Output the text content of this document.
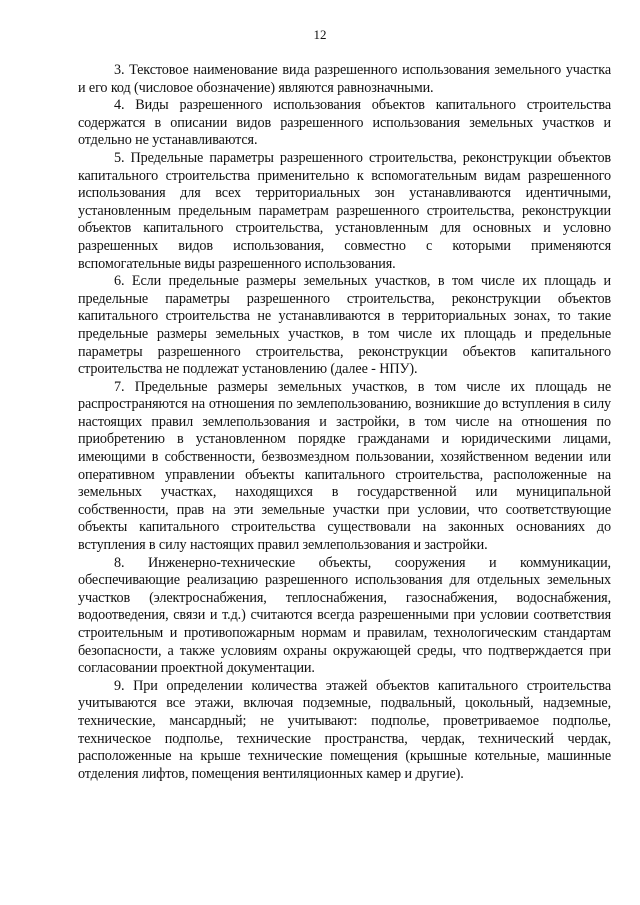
12

3. Текстовое наименование вида разрешенного использования земельного участка и его код (числовое обозначение) являются равнозначными.

4. Виды разрешенного использования объектов капитального строительства содержатся в описании видов разрешенного использования земельных участков и отдельно не устанавливаются.

5. Предельные параметры разрешенного строительства, реконструкции объектов капитального строительства применительно к вспомогательным видам разрешенного использования для всех территориальных зон устанавливаются идентичными, установленным предельным параметрам разрешенного строительства, реконструкции объектов капитального строительства, установленным для основных и условно разрешенных видов использования, совместно с которыми применяются вспомогательные виды разрешенного использования.

6. Если предельные размеры земельных участков, в том числе их площадь и предельные параметры разрешенного строительства, реконструкции объектов капитального строительства не устанавливаются в территориальных зонах, то такие предельные размеры земельных участков, в том числе их площадь и предельные параметры разрешенного строительства, реконструкции объектов капитального строительства не подлежат установлению (далее - НПУ).

7. Предельные размеры земельных участков, в том числе их площадь не распространяются на отношения по землепользованию, возникшие до вступления в силу настоящих правил землепользования и застройки, в том числе на отношения по приобретению в установленном порядке гражданами и юридическими лицами, имеющими в собственности, безвозмездном пользовании, хозяйственном ведении или оперативном управлении объекты капитального строительства, расположенные на земельных участках, находящихся в государственной или муниципальной собственности, прав на эти земельные участки при условии, что соответствующие объекты капитального строительства существовали на законных основаниях до вступления в силу настоящих правил землепользования и застройки.

8. Инженерно-технические объекты, сооружения и коммуникации, обеспечивающие реализацию разрешенного использования для отдельных земельных участков (электроснабжения, теплоснабжения, газоснабжения, водоснабжения, водоотведения, связи и т.д.) считаются всегда разрешенными при условии соответствия строительным и противопожарным нормам и правилам, технологическим стандартам безопасности, а также условиям охраны окружающей среды, что подтверждается при согласовании проектной документации.

9. При определении количества этажей объектов капитального строительства учитываются все этажи, включая подземные, подвальный, цокольный, надземные, технические, мансардный; не учитывают: подполье, проветриваемое подполье, техническое подполье, технические пространства, чердак, технический чердак, расположенные на крыше технические помещения (крышные котельные, машинные отделения лифтов, помещения вентиляционных камер и другие).
